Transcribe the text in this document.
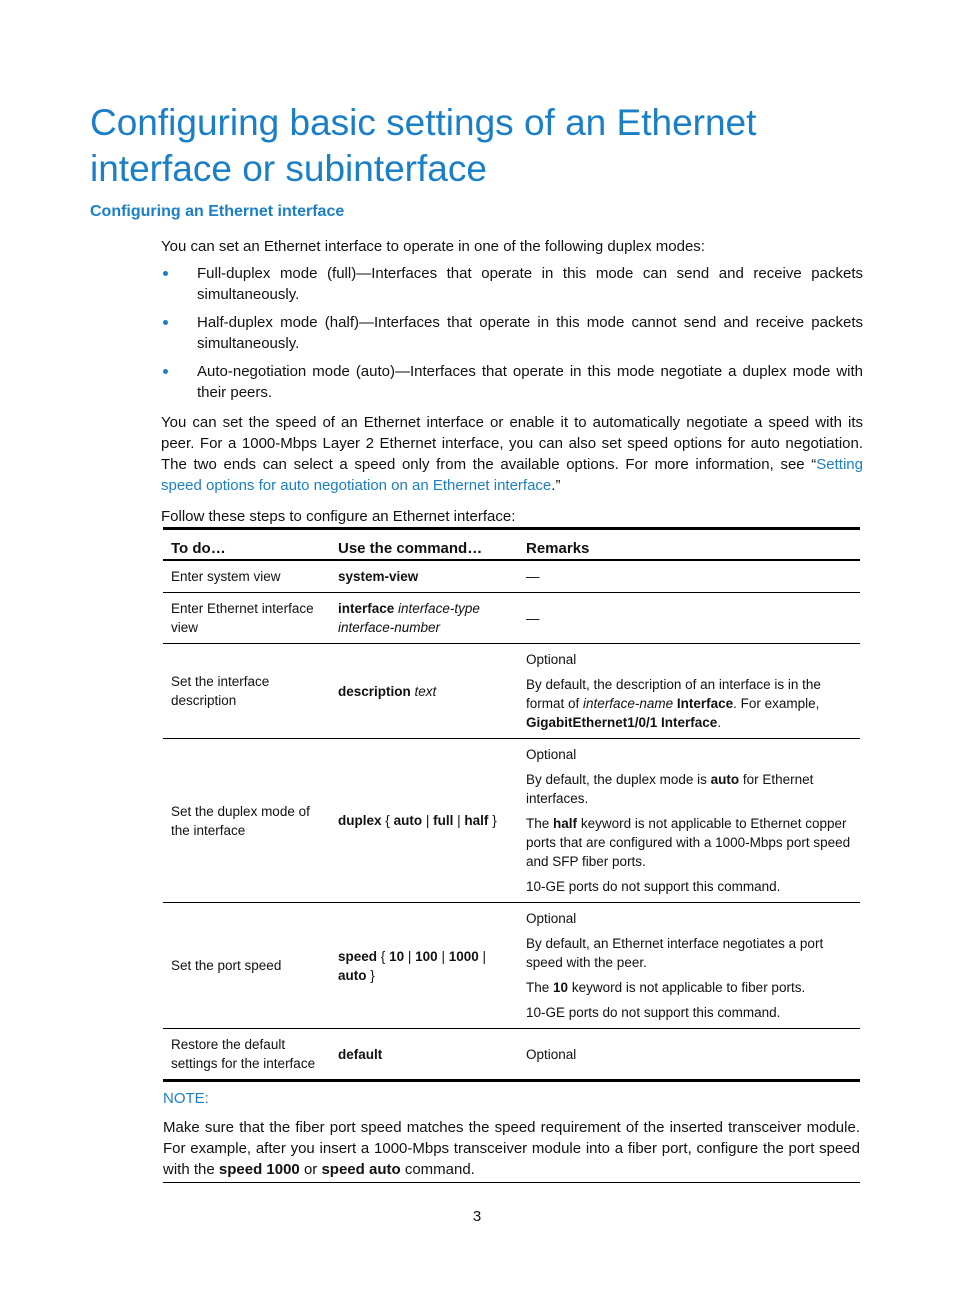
Configuring basic settings of an Ethernet interface or subinterface
Configuring an Ethernet interface
You can set an Ethernet interface to operate in one of the following duplex modes:
Full-duplex mode (full)—Interfaces that operate in this mode can send and receive packets simultaneously.
Half-duplex mode (half)—Interfaces that operate in this mode cannot send and receive packets simultaneously.
Auto-negotiation mode (auto)—Interfaces that operate in this mode negotiate a duplex mode with their peers.
You can set the speed of an Ethernet interface or enable it to automatically negotiate a speed with its peer. For a 1000-Mbps Layer 2 Ethernet interface, you can also set speed options for auto negotiation. The two ends can select a speed only from the available options. For more information, see “Setting speed options for auto negotiation on an Ethernet interface.”
Follow these steps to configure an Ethernet interface:
To do…	Use the command…	Remarks
Enter system view	system-view	—
Enter Ethernet interface view	interface interface-type interface-number	—
Set the interface description	description text	Optional

By default, the description of an interface is in the format of interface-name Interface. For example, GigabitEthernet1/0/1 Interface.

Set the duplex mode of the interface	duplex { auto | full | half }	Optional

By default, the duplex mode is auto for Ethernet interfaces.

The half keyword is not applicable to Ethernet copper ports that are configured with a 1000-Mbps port speed and SFP fiber ports.

10-GE ports do not support this command.

Set the port speed	speed { 10 | 100 | 1000 | auto }	Optional

By default, an Ethernet interface negotiates a port speed with the peer.

The 10 keyword is not applicable to fiber ports.

10-GE ports do not support this command.

Restore the default settings for the interface	default	Optional

NOTE:

Make sure that the fiber port speed matches the speed requirement of the inserted transceiver module. For example, after you insert a 1000-Mbps transceiver module into a fiber port, configure the port speed with the speed 1000 or speed auto command.

3
